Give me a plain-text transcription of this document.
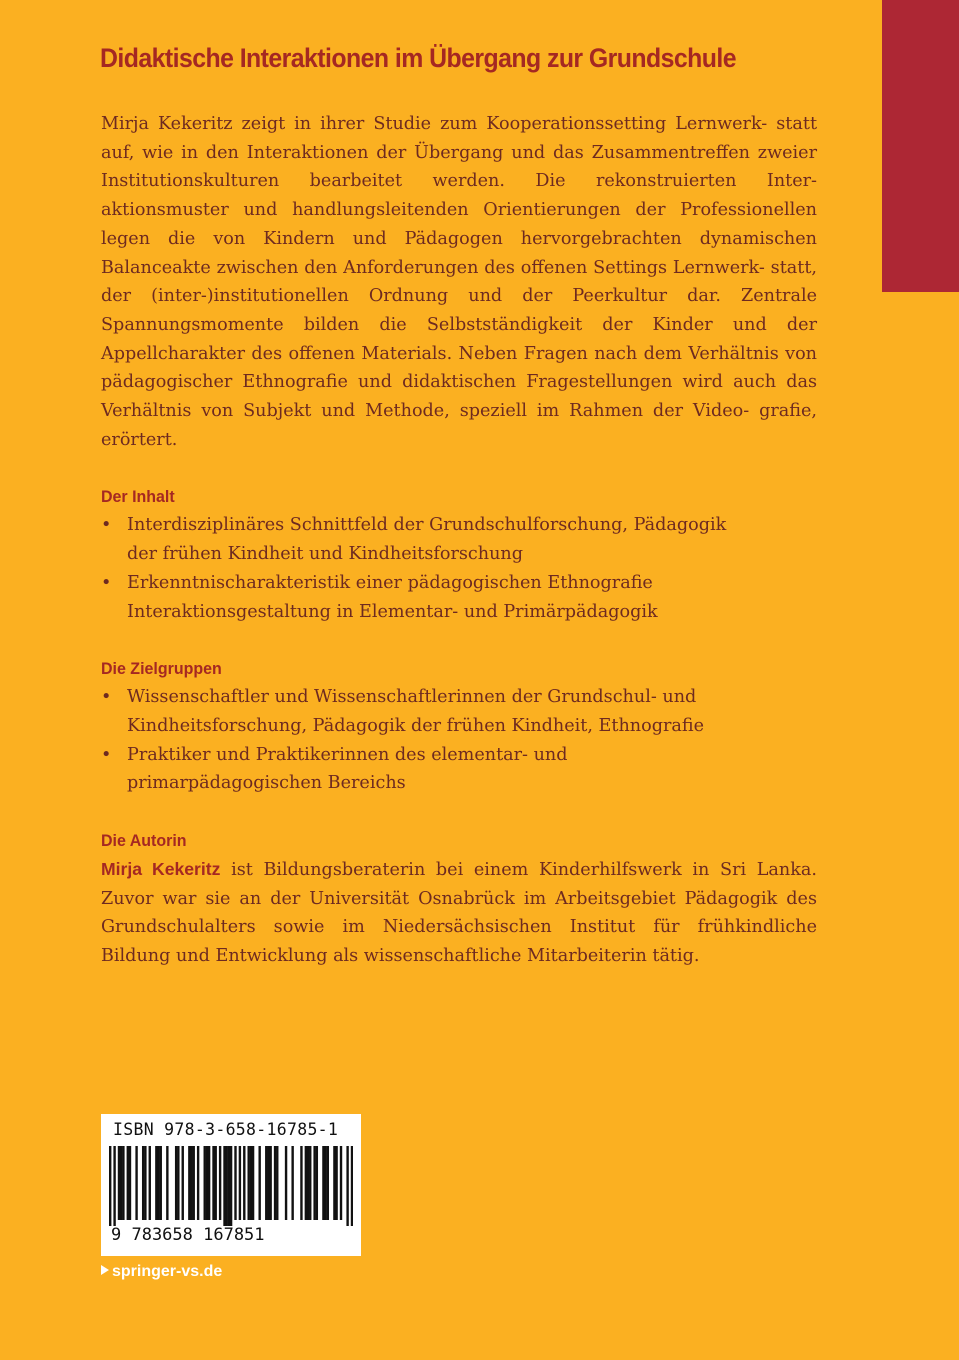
Didaktische Interaktionen im Übergang zur Grundschule

Mirja Kekeritz zeigt in ihrer Studie zum Kooperationssetting Lernwerk- statt auf, wie in den Interaktionen der Übergang und das Zusammentreffen zweier Institutionskulturen bearbeitet werden. Die rekonstruierten Inter- aktionsmuster und handlungsleitenden Orientierungen der Professionellen legen die von Kindern und Pädagogen hervorgebrachten dynamischen Balanceakte zwischen den Anforderungen des offenen Settings Lernwerk- statt, der (inter-)institutionellen Ordnung und der Peerkultur dar. Zentrale Spannungsmomente bilden die Selbstständigkeit der Kinder und der Appellcharakter des offenen Materials. Neben Fragen nach dem Verhältnis von pädagogischer Ethnografie und didaktischen Fragestellungen wird auch das Verhältnis von Subjekt und Methode, speziell im Rahmen der Video- grafie, erörtert.

Der Inhalt
• Interdisziplinäres Schnittfeld der Grundschulforschung, Pädagogik
der frühen Kindheit und Kindheitsforschung
• Erkenntnischarakteristik einer pädagogischen Ethnografie
Interaktionsgestaltung in Elementar- und Primärpädagogik
Die Zielgruppen
• Wissenschaftler und Wissenschaftlerinnen der Grundschul- und
Kindheitsforschung, Pädagogik der frühen Kindheit, Ethnografie
• Praktiker und Praktikerinnen des elementar- und
primarpädagogischen Bereichs
Die Autorin

Mirja Kekeritz ist Bildungsberaterin bei einem Kinderhilfswerk in Sri Lanka. Zuvor war sie an der Universität Osnabrück im Arbeitsgebiet Pädagogik des Grundschulalters sowie im Niedersächsischen Institut für frühkindliche Bildung und Entwicklung als wissenschaftliche Mitarbeiterin tätig.

ISBN 978-3-658-16785-1
9 783658 167851
springer-vs.de
